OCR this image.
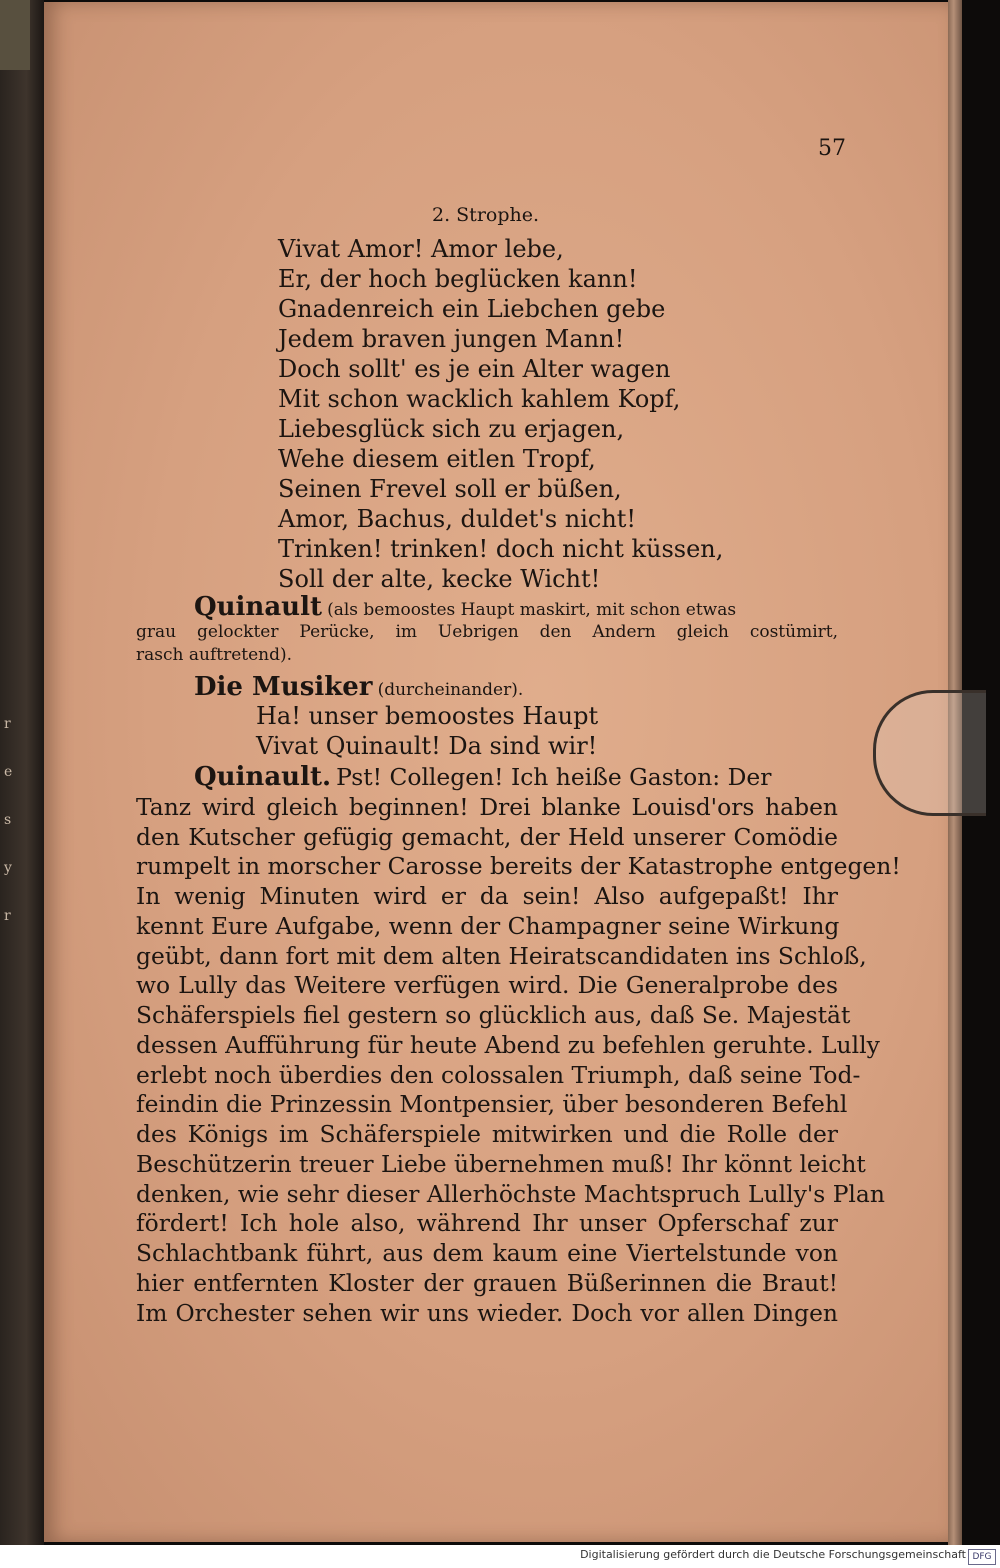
r
e
s
y
r
57
2. Strophe.
Vivat Amor! Amor lebe,
Er, der hoch beglücken kann!
Gnadenreich ein Liebchen gebe
Jedem braven jungen Mann!
Doch sollt' es je ein Alter wagen
Mit schon wacklich kahlem Kopf,
Liebesglück sich zu erjagen,
Wehe diesem eitlen Tropf,
Seinen Frevel soll er büßen,
Amor, Bachus, duldet's nicht!
Trinken! trinken! doch nicht küssen,
Soll der alte, kecke Wicht!
Quinault (als bemoostes Haupt maskirt, mit schon etwas
grau gelockter Perücke, im Uebrigen den Andern gleich costümirt,
rasch auftretend).
Die Musiker (durcheinander).
Ha! unser bemoostes Haupt
Vivat Quinault! Da sind wir!
Quinault. Pst! Collegen! Ich heiße Gaston: Der
Tanz wird gleich beginnen! Drei blanke Louisd'ors haben
den Kutscher gefügig gemacht, der Held unserer Comödie
rumpelt in morscher Carosse bereits der Katastrophe entgegen!
In wenig Minuten wird er da sein! Also aufgepaßt! Ihr
kennt Eure Aufgabe, wenn der Champagner seine Wirkung
geübt, dann fort mit dem alten Heiratscandidaten ins Schloß,
wo Lully das Weitere verfügen wird. Die Generalprobe des
Schäferspiels fiel gestern so glücklich aus, daß Se. Majestät
dessen Aufführung für heute Abend zu befehlen geruhte. Lully
erlebt noch überdies den colossalen Triumph, daß seine Tod-
feindin die Prinzessin Montpensier, über besonderen Befehl
des Königs im Schäferspiele mitwirken und die Rolle der
Beschützerin treuer Liebe übernehmen muß! Ihr könnt leicht
denken, wie sehr dieser Allerhöchste Machtspruch Lully's Plan
fördert! Ich hole also, während Ihr unser Opferschaf zur
Schlachtbank führt, aus dem kaum eine Viertelstunde von
hier entfernten Kloster der grauen Büßerinnen die Braut!
Im Orchester sehen wir uns wieder. Doch vor allen Dingen
Digitalisierung gefördert durch die Deutsche Forschungsgemeinschaft DFG
